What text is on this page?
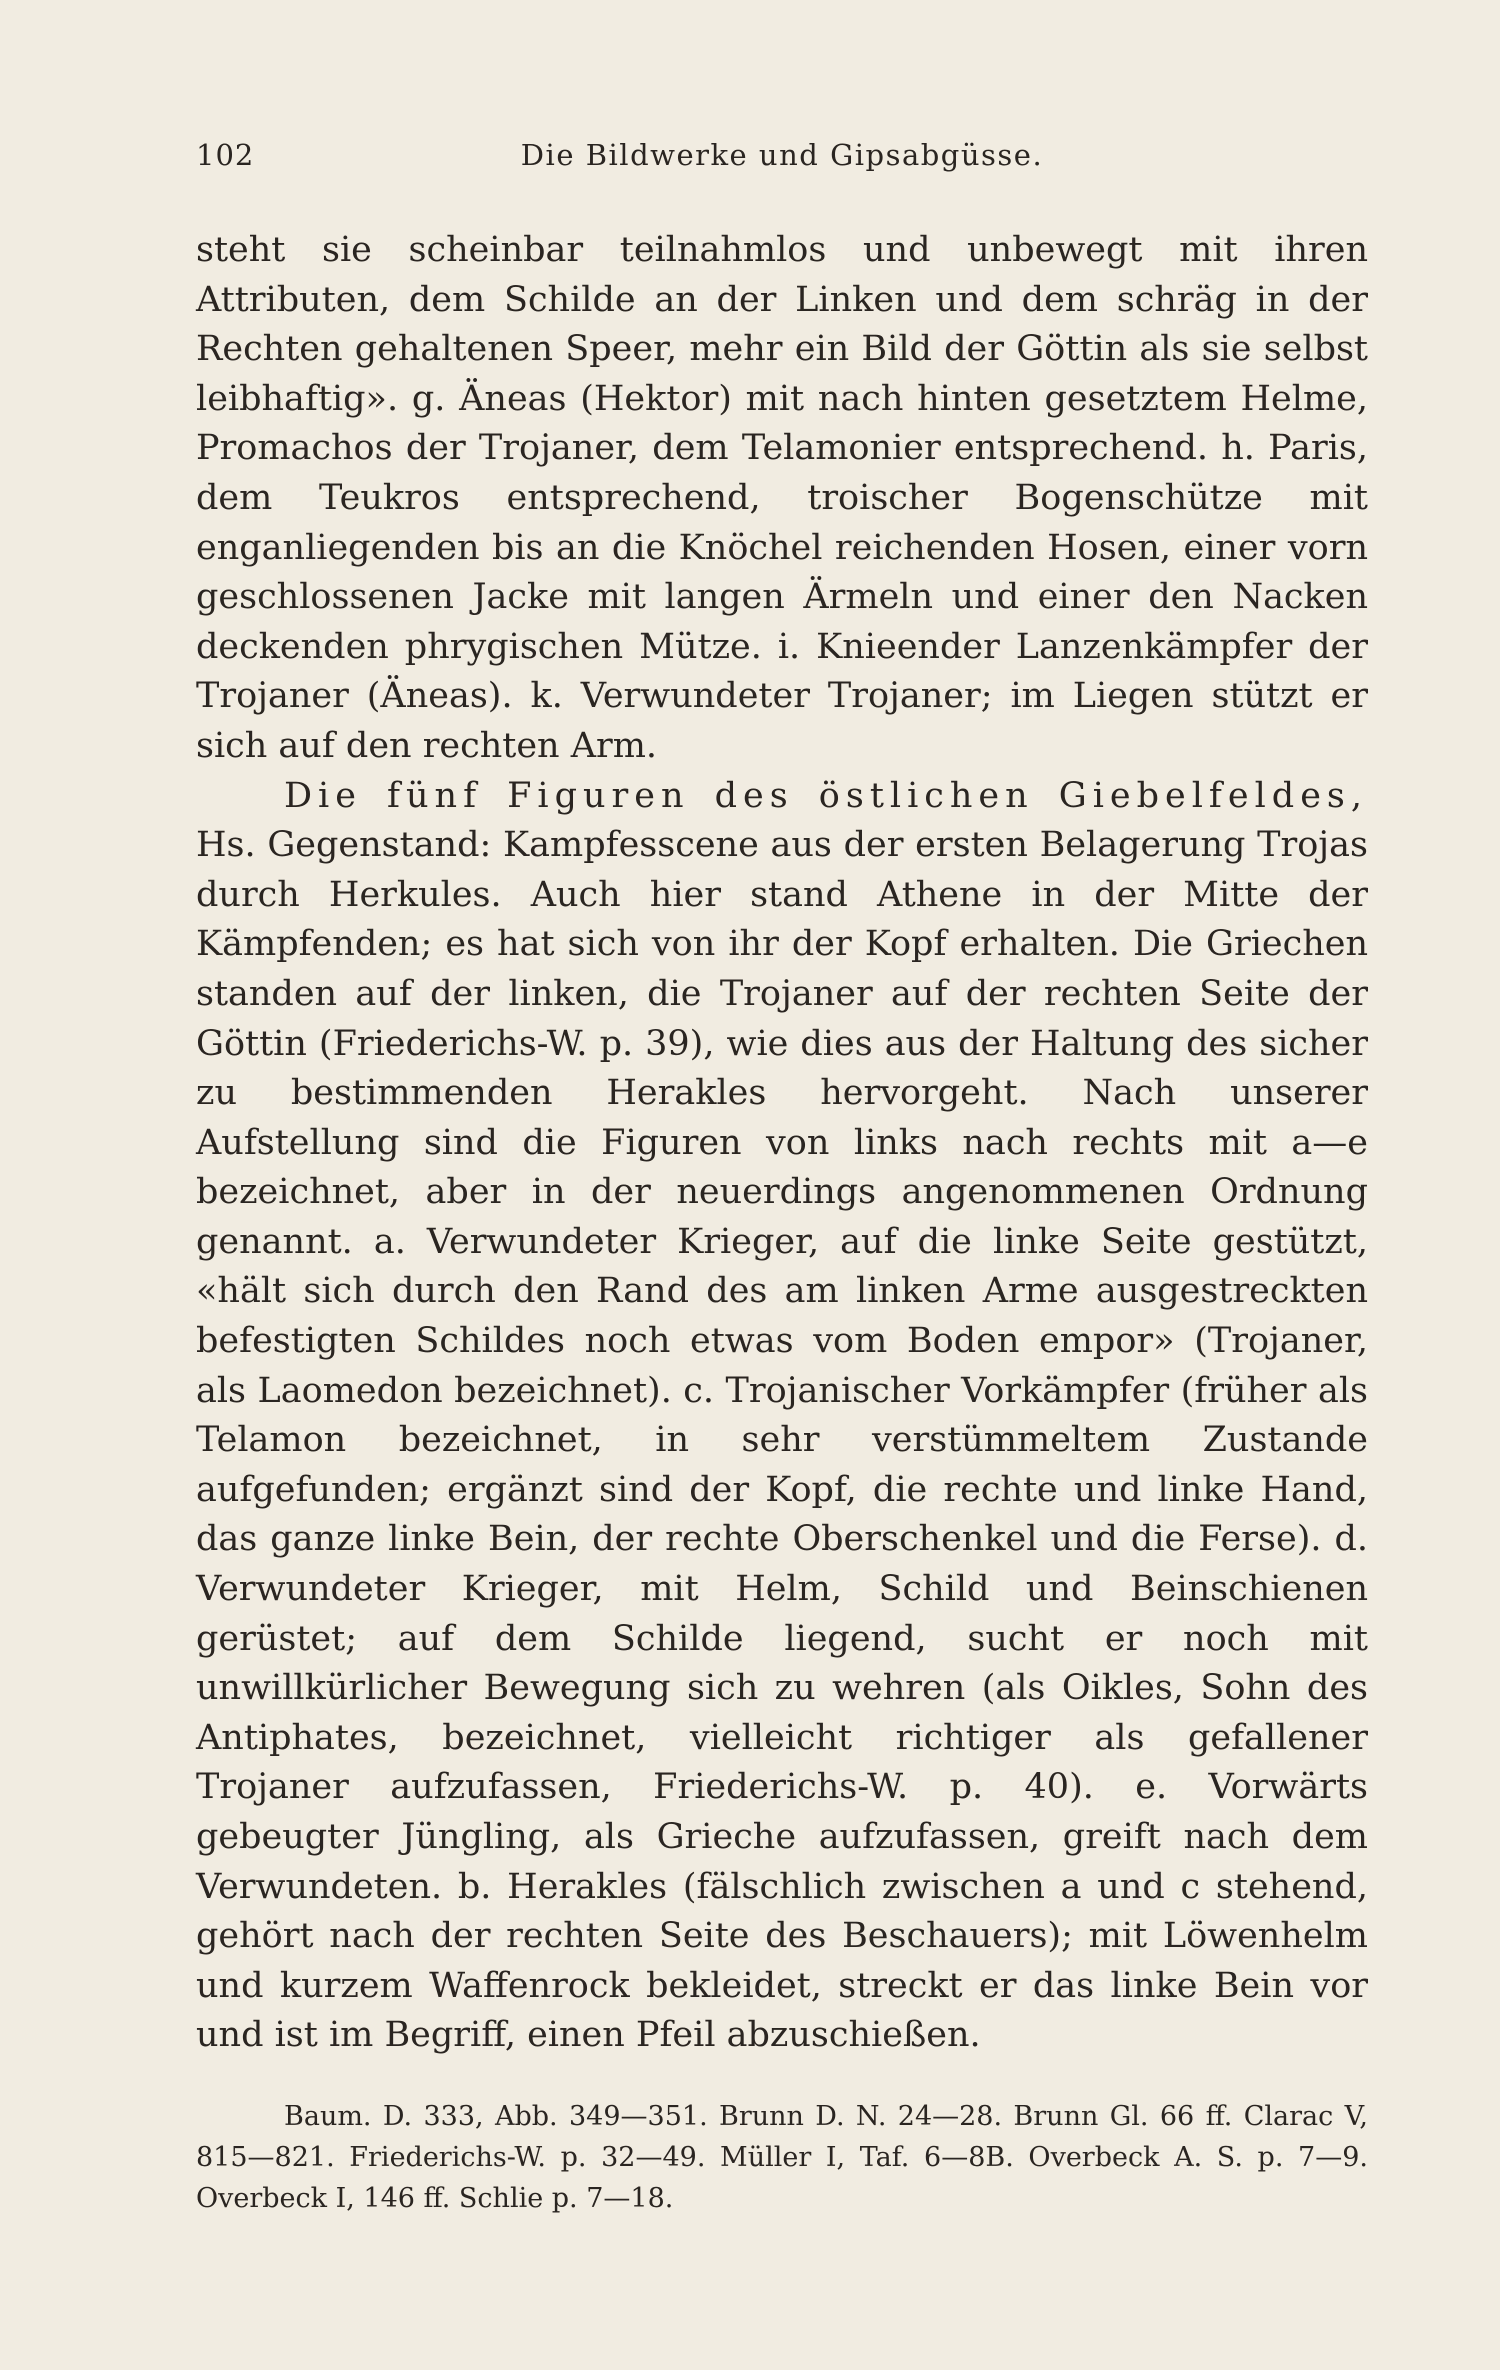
102	Die Bildwerke und Gipsabgüsse.

steht sie scheinbar teilnahmlos und unbewegt mit ihren Attributen, dem Schilde an der Linken und dem schräg in der Rechten gehaltenen Speer, mehr ein Bild der Göttin als sie selbst leibhaftig». g. Äneas (Hektor) mit nach hinten gesetztem Helme, Promachos der Trojaner, dem Telamonier entsprechend. h. Paris, dem Teukros entsprechend, troischer Bogenschütze mit enganliegenden bis an die Knöchel reichenden Hosen, einer vorn geschlossenen Jacke mit langen Ärmeln und einer den Nacken deckenden phrygischen Mütze. i. Knieender Lanzenkämpfer der Trojaner (Äneas). k. Verwundeter Trojaner; im Liegen stützt er sich auf den rechten Arm.

Die fünf Figuren des östlichen Giebelfeldes, Hs. Gegenstand: Kampfesscene aus der ersten Belagerung Trojas durch Herkules. Auch hier stand Athene in der Mitte der Kämpfenden; es hat sich von ihr der Kopf erhalten. Die Griechen standen auf der linken, die Trojaner auf der rechten Seite der Göttin (Friederichs-W. p. 39), wie dies aus der Haltung des sicher zu bestimmenden Herakles hervorgeht. Nach unserer Aufstellung sind die Figuren von links nach rechts mit a—e bezeichnet, aber in der neuerdings angenommenen Ordnung genannt. a. Verwundeter Krieger, auf die linke Seite gestützt, «hält sich durch den Rand des am linken Arme ausgestreckten befestigten Schildes noch etwas vom Boden empor» (Trojaner, als Laomedon bezeichnet). c. Trojanischer Vorkämpfer (früher als Telamon bezeichnet, in sehr verstümmeltem Zustande aufgefunden; ergänzt sind der Kopf, die rechte und linke Hand, das ganze linke Bein, der rechte Oberschenkel und die Ferse). d. Verwundeter Krieger, mit Helm, Schild und Beinschienen gerüstet; auf dem Schilde liegend, sucht er noch mit unwillkürlicher Bewegung sich zu wehren (als Oikles, Sohn des Antiphates, bezeichnet, vielleicht richtiger als gefallener Trojaner aufzufassen, Friederichs-W. p. 40). e. Vorwärts gebeugter Jüngling, als Grieche aufzufassen, greift nach dem Verwundeten. b. Herakles (fälschlich zwischen a und c stehend, gehört nach der rechten Seite des Beschauers); mit Löwenhelm und kurzem Waffenrock bekleidet, streckt er das linke Bein vor und ist im Begriff, einen Pfeil abzuschießen.

Baum. D. 333, Abb. 349—351. Brunn D. N. 24—28. Brunn Gl. 66 ff. Clarac V, 815—821. Friederichs-W. p. 32—49. Müller I, Taf. 6—8B. Overbeck A. S. p. 7—9. Overbeck I, 146 ff. Schlie p. 7—18.
